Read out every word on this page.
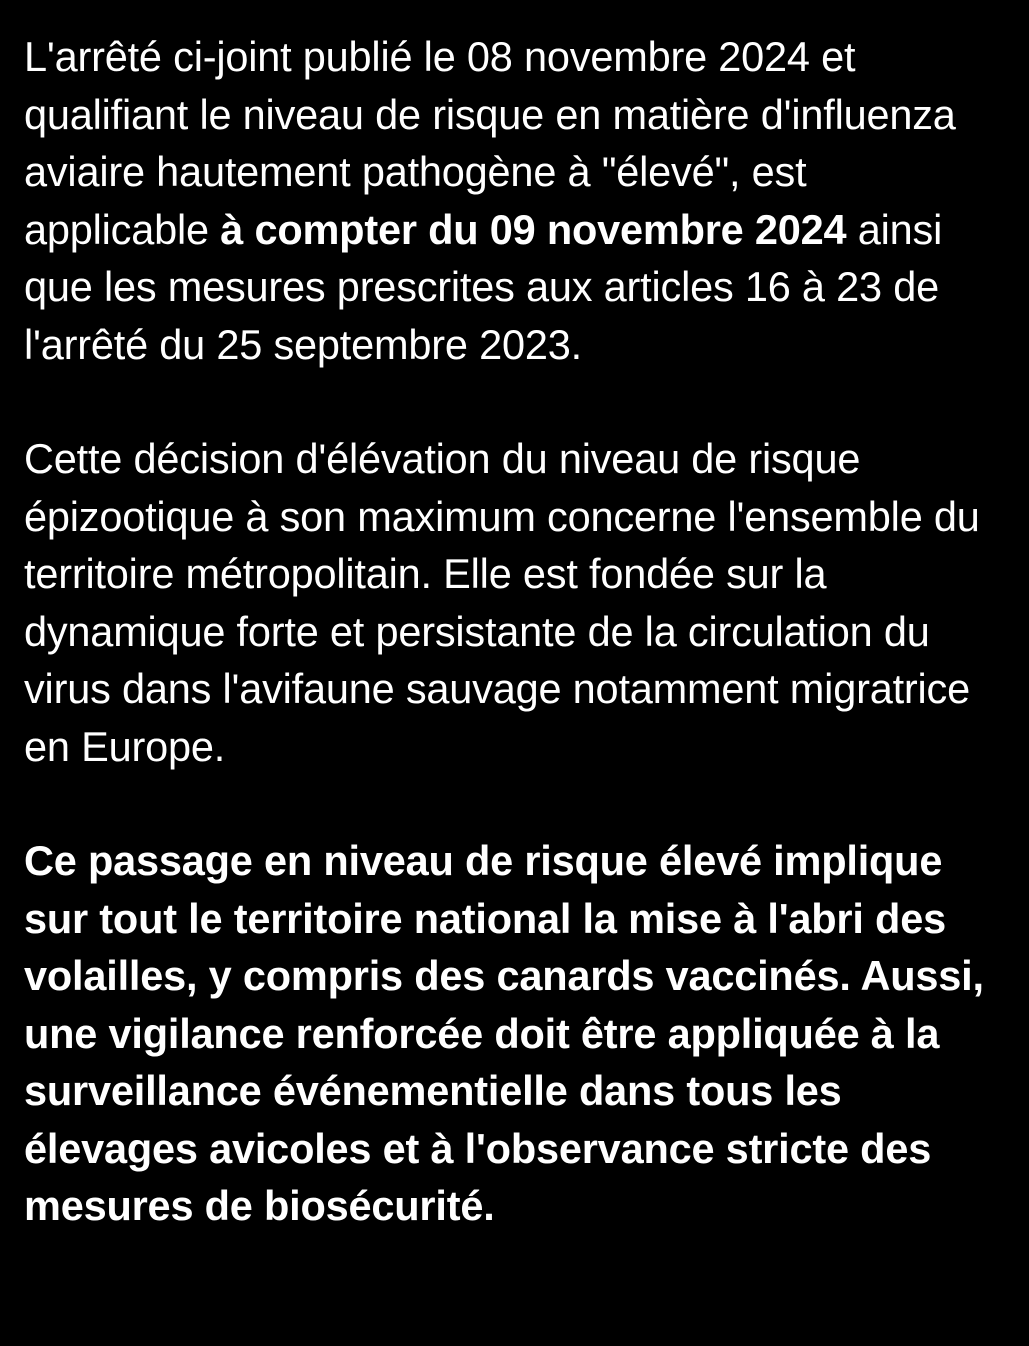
L'arrêté ci-joint publié le 08 novembre 2024 et qualifiant le niveau de risque en matière d'influenza aviaire hautement pathogène à "élevé", est applicable à compter du 09 novembre 2024 ainsi que les mesures prescrites aux articles 16 à 23 de l'arrêté du 25 septembre 2023.

Cette décision d'élévation du niveau de risque épizootique à son maximum concerne l'ensemble du territoire métropolitain. Elle est fondée sur la dynamique forte et persistante de la circulation du virus dans l'avifaune sauvage notamment migratrice en Europe.

Ce passage en niveau de risque élevé implique sur tout le territoire national la mise à l'abri des volailles, y compris des canards vaccinés. Aussi, une vigilance renforcée doit être appliquée à la surveillance événementielle dans tous les élevages avicoles et à l'observance stricte des mesures de biosécurité.
